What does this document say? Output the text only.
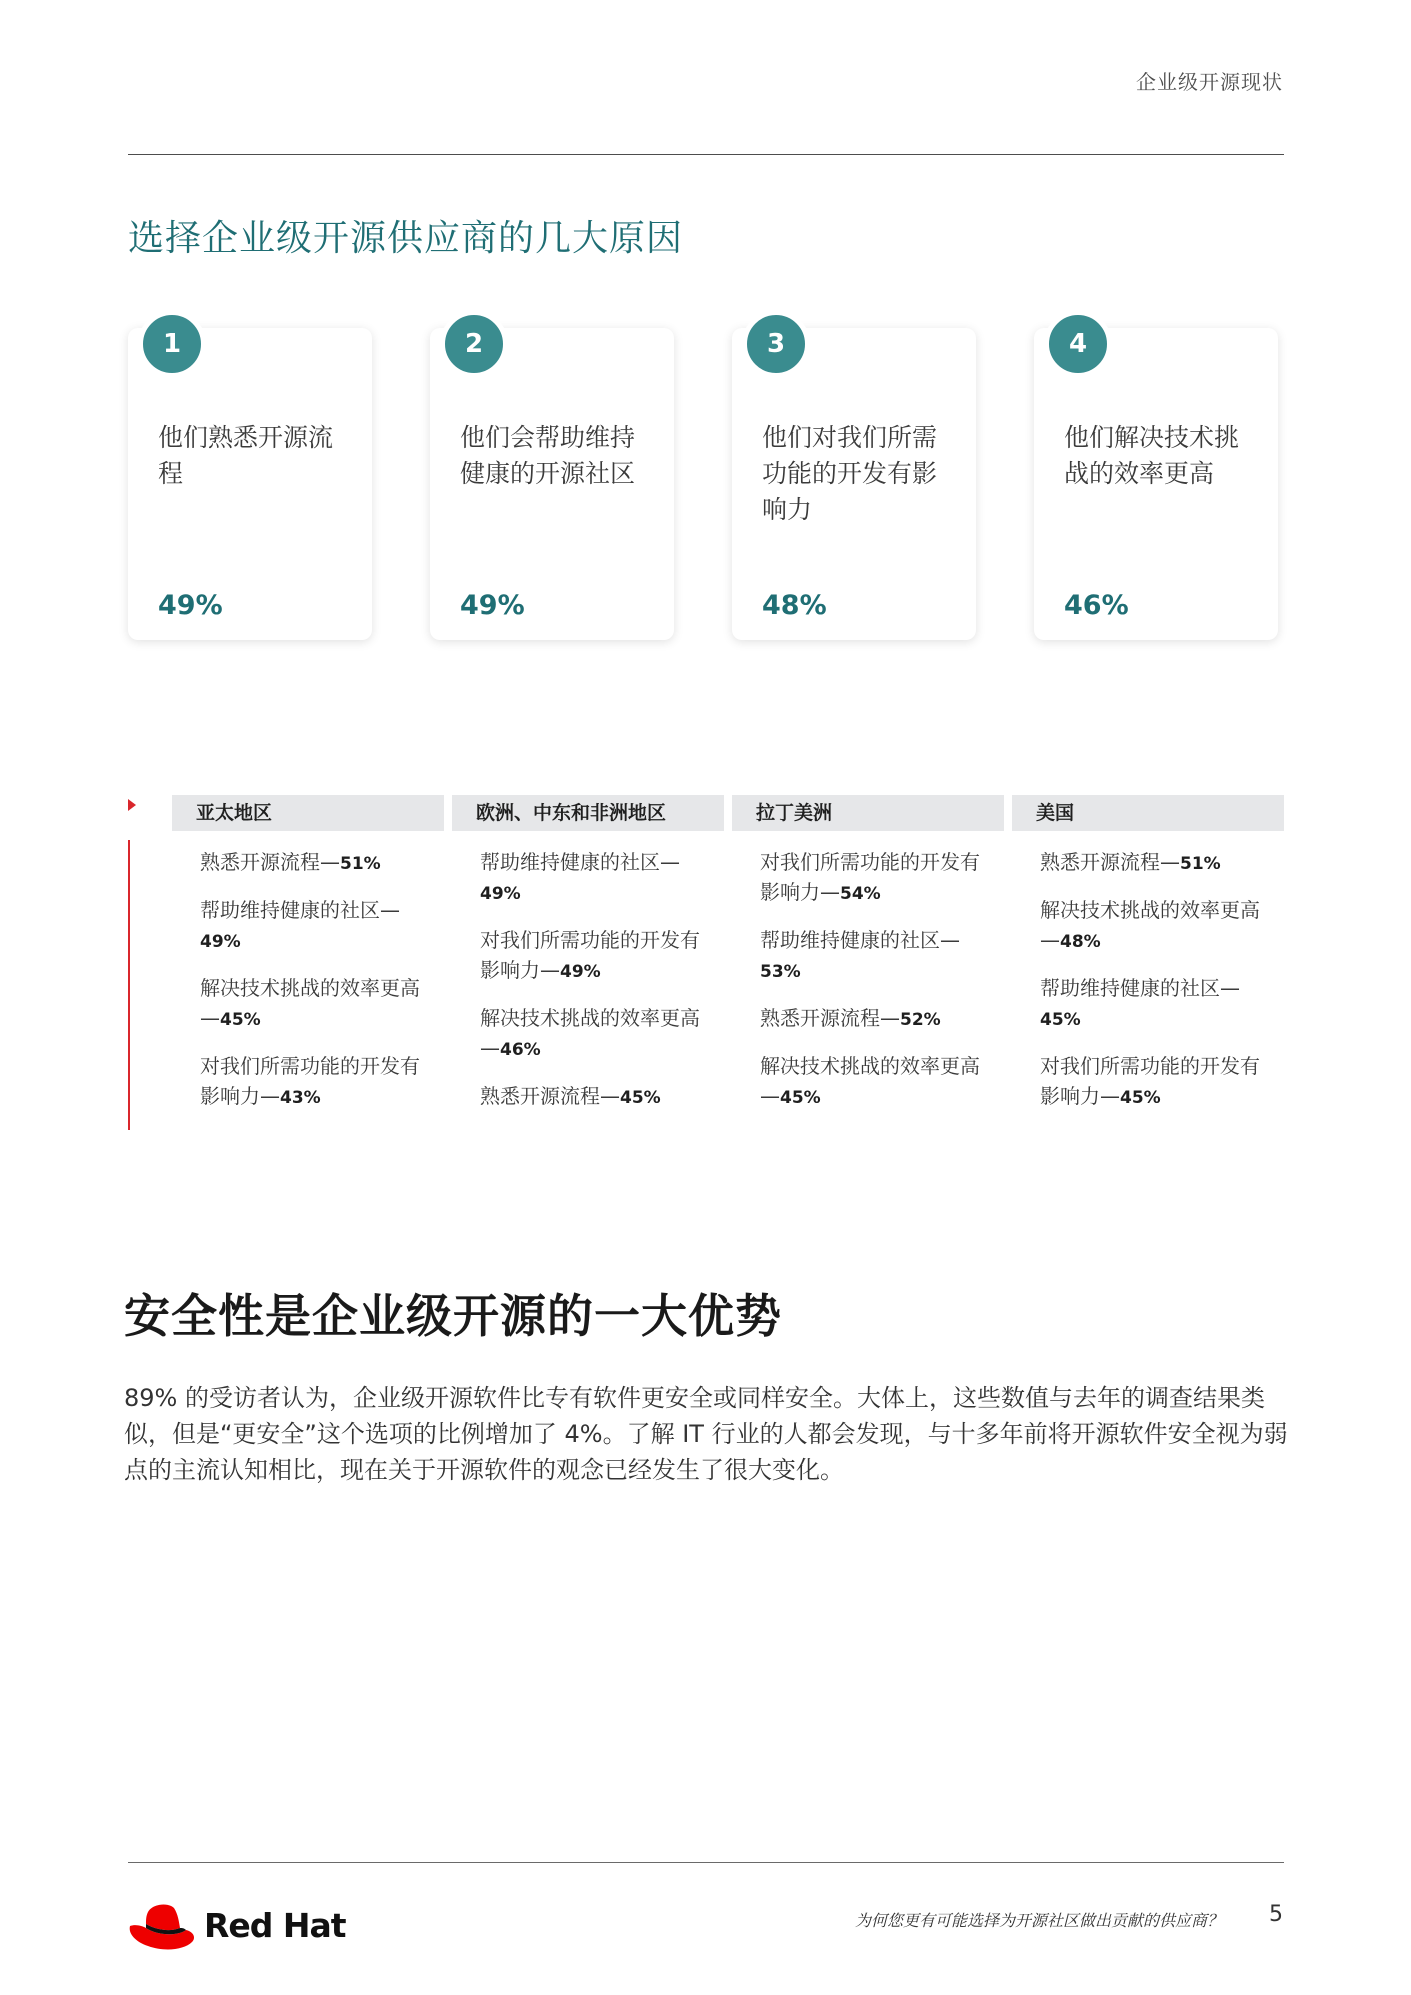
企业级开源现状
选择企业级开源供应商的几大原因
1
他们熟悉开源流程
49%
2
他们会帮助维持健康的开源社区
49%
3
他们对我们所需功能的开发有影响力
48%
4
他们解决技术挑战的效率更高
46%
亚太地区
熟悉开源流程—51%
帮助维持健康的社区—49%
解决技术挑战的效率更高—45%
对我们所需功能的开发有影响力—43%
欧洲、中东和非洲地区
帮助维持健康的社区—49%
对我们所需功能的开发有影响力—49%
解决技术挑战的效率更高—46%
熟悉开源流程—45%
拉丁美洲
对我们所需功能的开发有影响力—54%
帮助维持健康的社区—53%
熟悉开源流程—52%
解决技术挑战的效率更高—45%
美国
熟悉开源流程—51%
解决技术挑战的效率更高—48%
帮助维持健康的社区—45%
对我们所需功能的开发有影响力—45%
安全性是企业级开源的一大优势
89% 的受访者认为，企业级开源软件比专有软件更安全或同样安全。大体上，这些数值与去年的调查结果类似，但是“更安全”这个选项的比例增加了 4%。了解 IT 行业的人都会发现，与十多年前将开源软件安全视为弱点的主流认知相比，现在关于开源软件的观念已经发生了很大变化。
Red Hat	为何您更有可能选择为开源社区做出贡献的供应商？ 5
